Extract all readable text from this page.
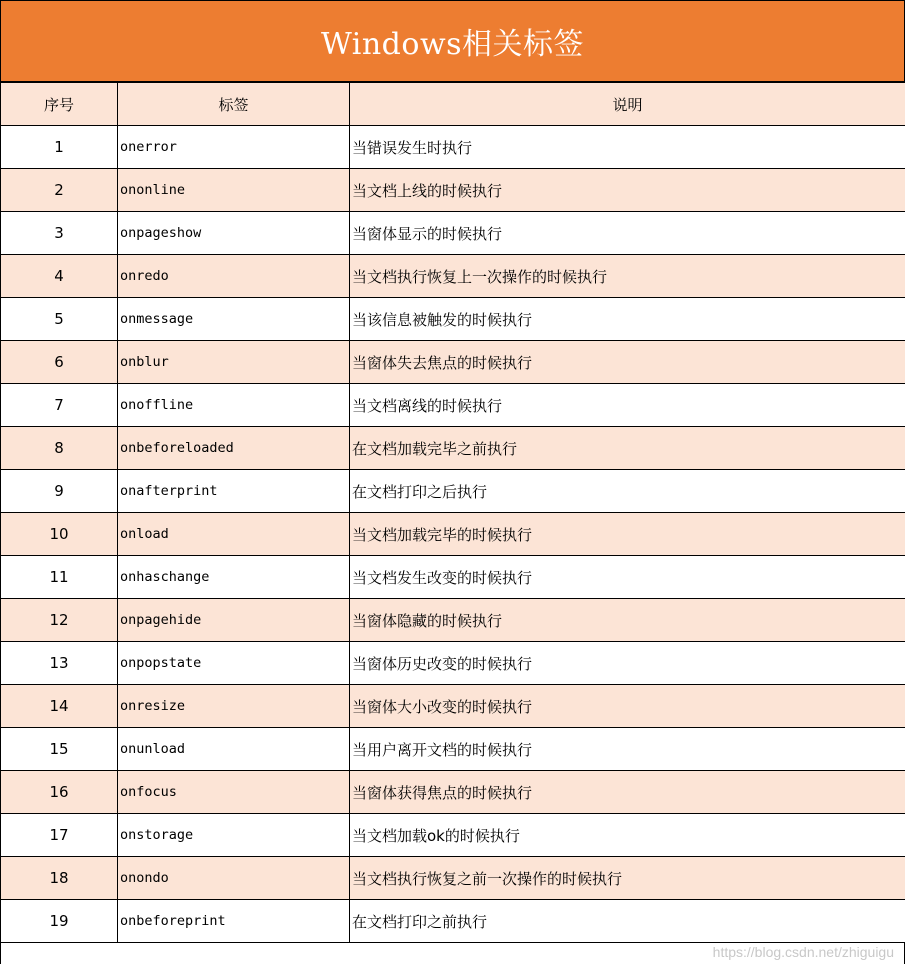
Windows相关标签
序号	标签	说明
1	onerror	当错误发生时执行
2	ononline	当文档上线的时候执行
3	onpageshow	当窗体显示的时候执行
4	onredo	当文档执行恢复上一次操作的时候执行
5	onmessage	当该信息被触发的时候执行
6	onblur	当窗体失去焦点的时候执行
7	onoffline	当文档离线的时候执行
8	onbeforeloaded	在文档加载完毕之前执行
9	onafterprint	在文档打印之后执行
10	onload	当文档加载完毕的时候执行
11	onhaschange	当文档发生改变的时候执行
12	onpagehide	当窗体隐藏的时候执行
13	onpopstate	当窗体历史改变的时候执行
14	onresize	当窗体大小改变的时候执行
15	onunload	当用户离开文档的时候执行
16	onfocus	当窗体获得焦点的时候执行
17	onstorage	当文档加载ok的时候执行
18	onondo	当文档执行恢复之前一次操作的时候执行
19	onbeforeprint	在文档打印之前执行
https://blog.csdn.net/zhiguigu
